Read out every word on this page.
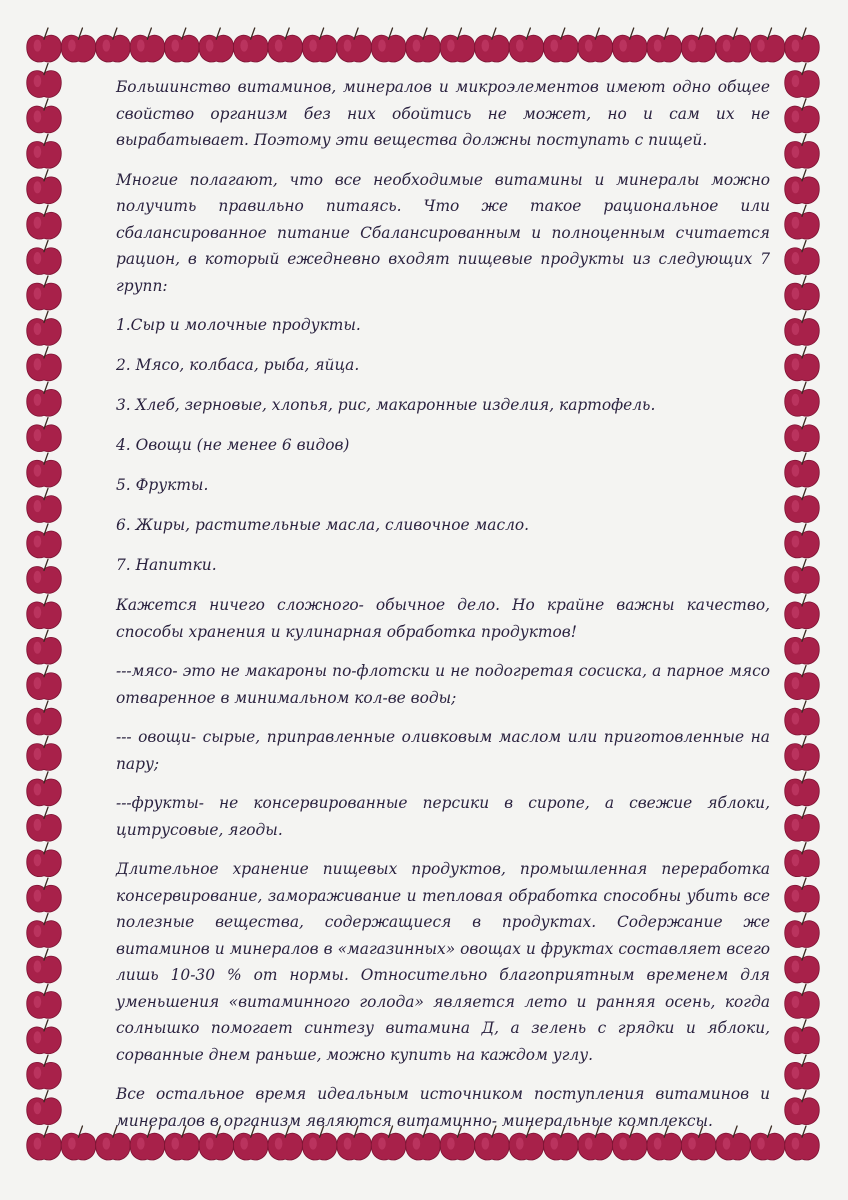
Большинство витаминов, минералов и микроэлементов имеют одно общее свойство организм без них обойтись не может, но и сам их не вырабатывает. Поэтому эти вещества должны поступать с пищей.

Многие полагают, что все необходимые витамины и минералы можно получить правильно питаясь. Что же такое рациональное или сбалансированное питание Сбалансированным и полноценным считается рацион, в который ежедневно входят пищевые продукты из следующих 7 групп:

1.Сыр и молочные продукты.

2. Мясо, колбаса, рыба, яйца.

3. Хлеб, зерновые, хлопья, рис, макаронные изделия, картофель.

4. Овощи (не менее 6 видов)

5. Фрукты.

6. Жиры, растительные масла, сливочное масло.

7. Напитки.

Кажется ничего сложного- обычное дело. Но крайне важны качество, способы хранения и кулинарная обработка продуктов!

---мясо- это не макароны по-флотски и не подогретая сосиска, а парное мясо отваренное в минимальном кол-ве воды;

--- овощи- сырые, приправленные оливковым маслом или приготовленные на пару;

---фрукты- не консервированные персики в сиропе, а свежие яблоки, цитрусовые, ягоды.

Длительное хранение пищевых продуктов, промышленная переработка консервирование, замораживание и тепловая обработка способны убить все полезные вещества, содержащиеся в продуктах. Содержание же витаминов и минералов в «магазинных» овощах и фруктах составляет всего лишь 10-30 % от нормы. Относительно благоприятным временем для уменьшения «витаминного голода» является лето и ранняя осень, когда солнышко помогает синтезу витамина Д, а зелень с грядки и яблоки, сорванные днем раньше, можно купить на каждом углу.

Все остальное время идеальным источником поступления витаминов и минералов в организм являются витаминно- минеральные комплексы.
